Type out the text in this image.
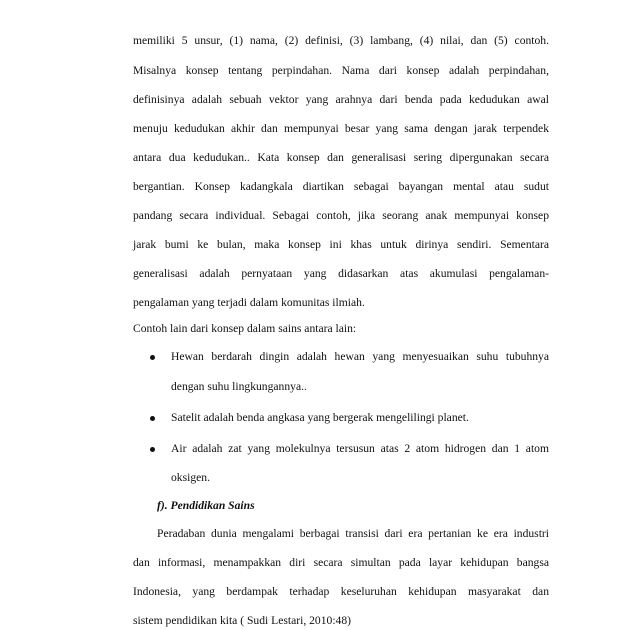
memiliki 5 unsur, (1) nama, (2) definisi, (3) lambang, (4) nilai, dan (5) contoh.
Misalnya konsep tentang perpindahan. Nama dari konsep adalah perpindahan,
definisinya adalah sebuah vektor yang arahnya dari benda pada kedudukan awal
menuju kedudukan akhir dan mempunyai besar yang sama dengan jarak terpendek
antara dua kedudukan.. Kata konsep dan generalisasi sering dipergunakan secara
bergantian. Konsep kadangkala diartikan sebagai bayangan mental atau sudut
pandang secara individual. Sebagai contoh, jika seorang anak mempunyai konsep
jarak bumi ke bulan, maka konsep ini khas untuk dirinya sendiri. Sementara
generalisasi adalah pernyataan yang didasarkan atas akumulasi pengalaman-
pengalaman yang terjadi dalam komunitas ilmiah.
Contoh lain dari konsep dalam sains antara lain:
Hewan berdarah dingin adalah hewan yang menyesuaikan suhu tubuhnya
dengan suhu lingkungannya..
Satelit adalah benda angkasa yang bergerak mengelilingi planet.
Air adalah zat yang molekulnya tersusun atas 2 atom hidrogen dan 1 atom
oksigen.
f). Pendidikan Sains
Peradaban dunia mengalami berbagai transisi dari era pertanian ke era industri
dan informasi, menampakkan diri secara simultan pada layar kehidupan bangsa
Indonesia, yang berdampak terhadap keseluruhan kehidupan masyarakat dan
sistem pendidikan kita ( Sudi Lestari, 2010:48)
